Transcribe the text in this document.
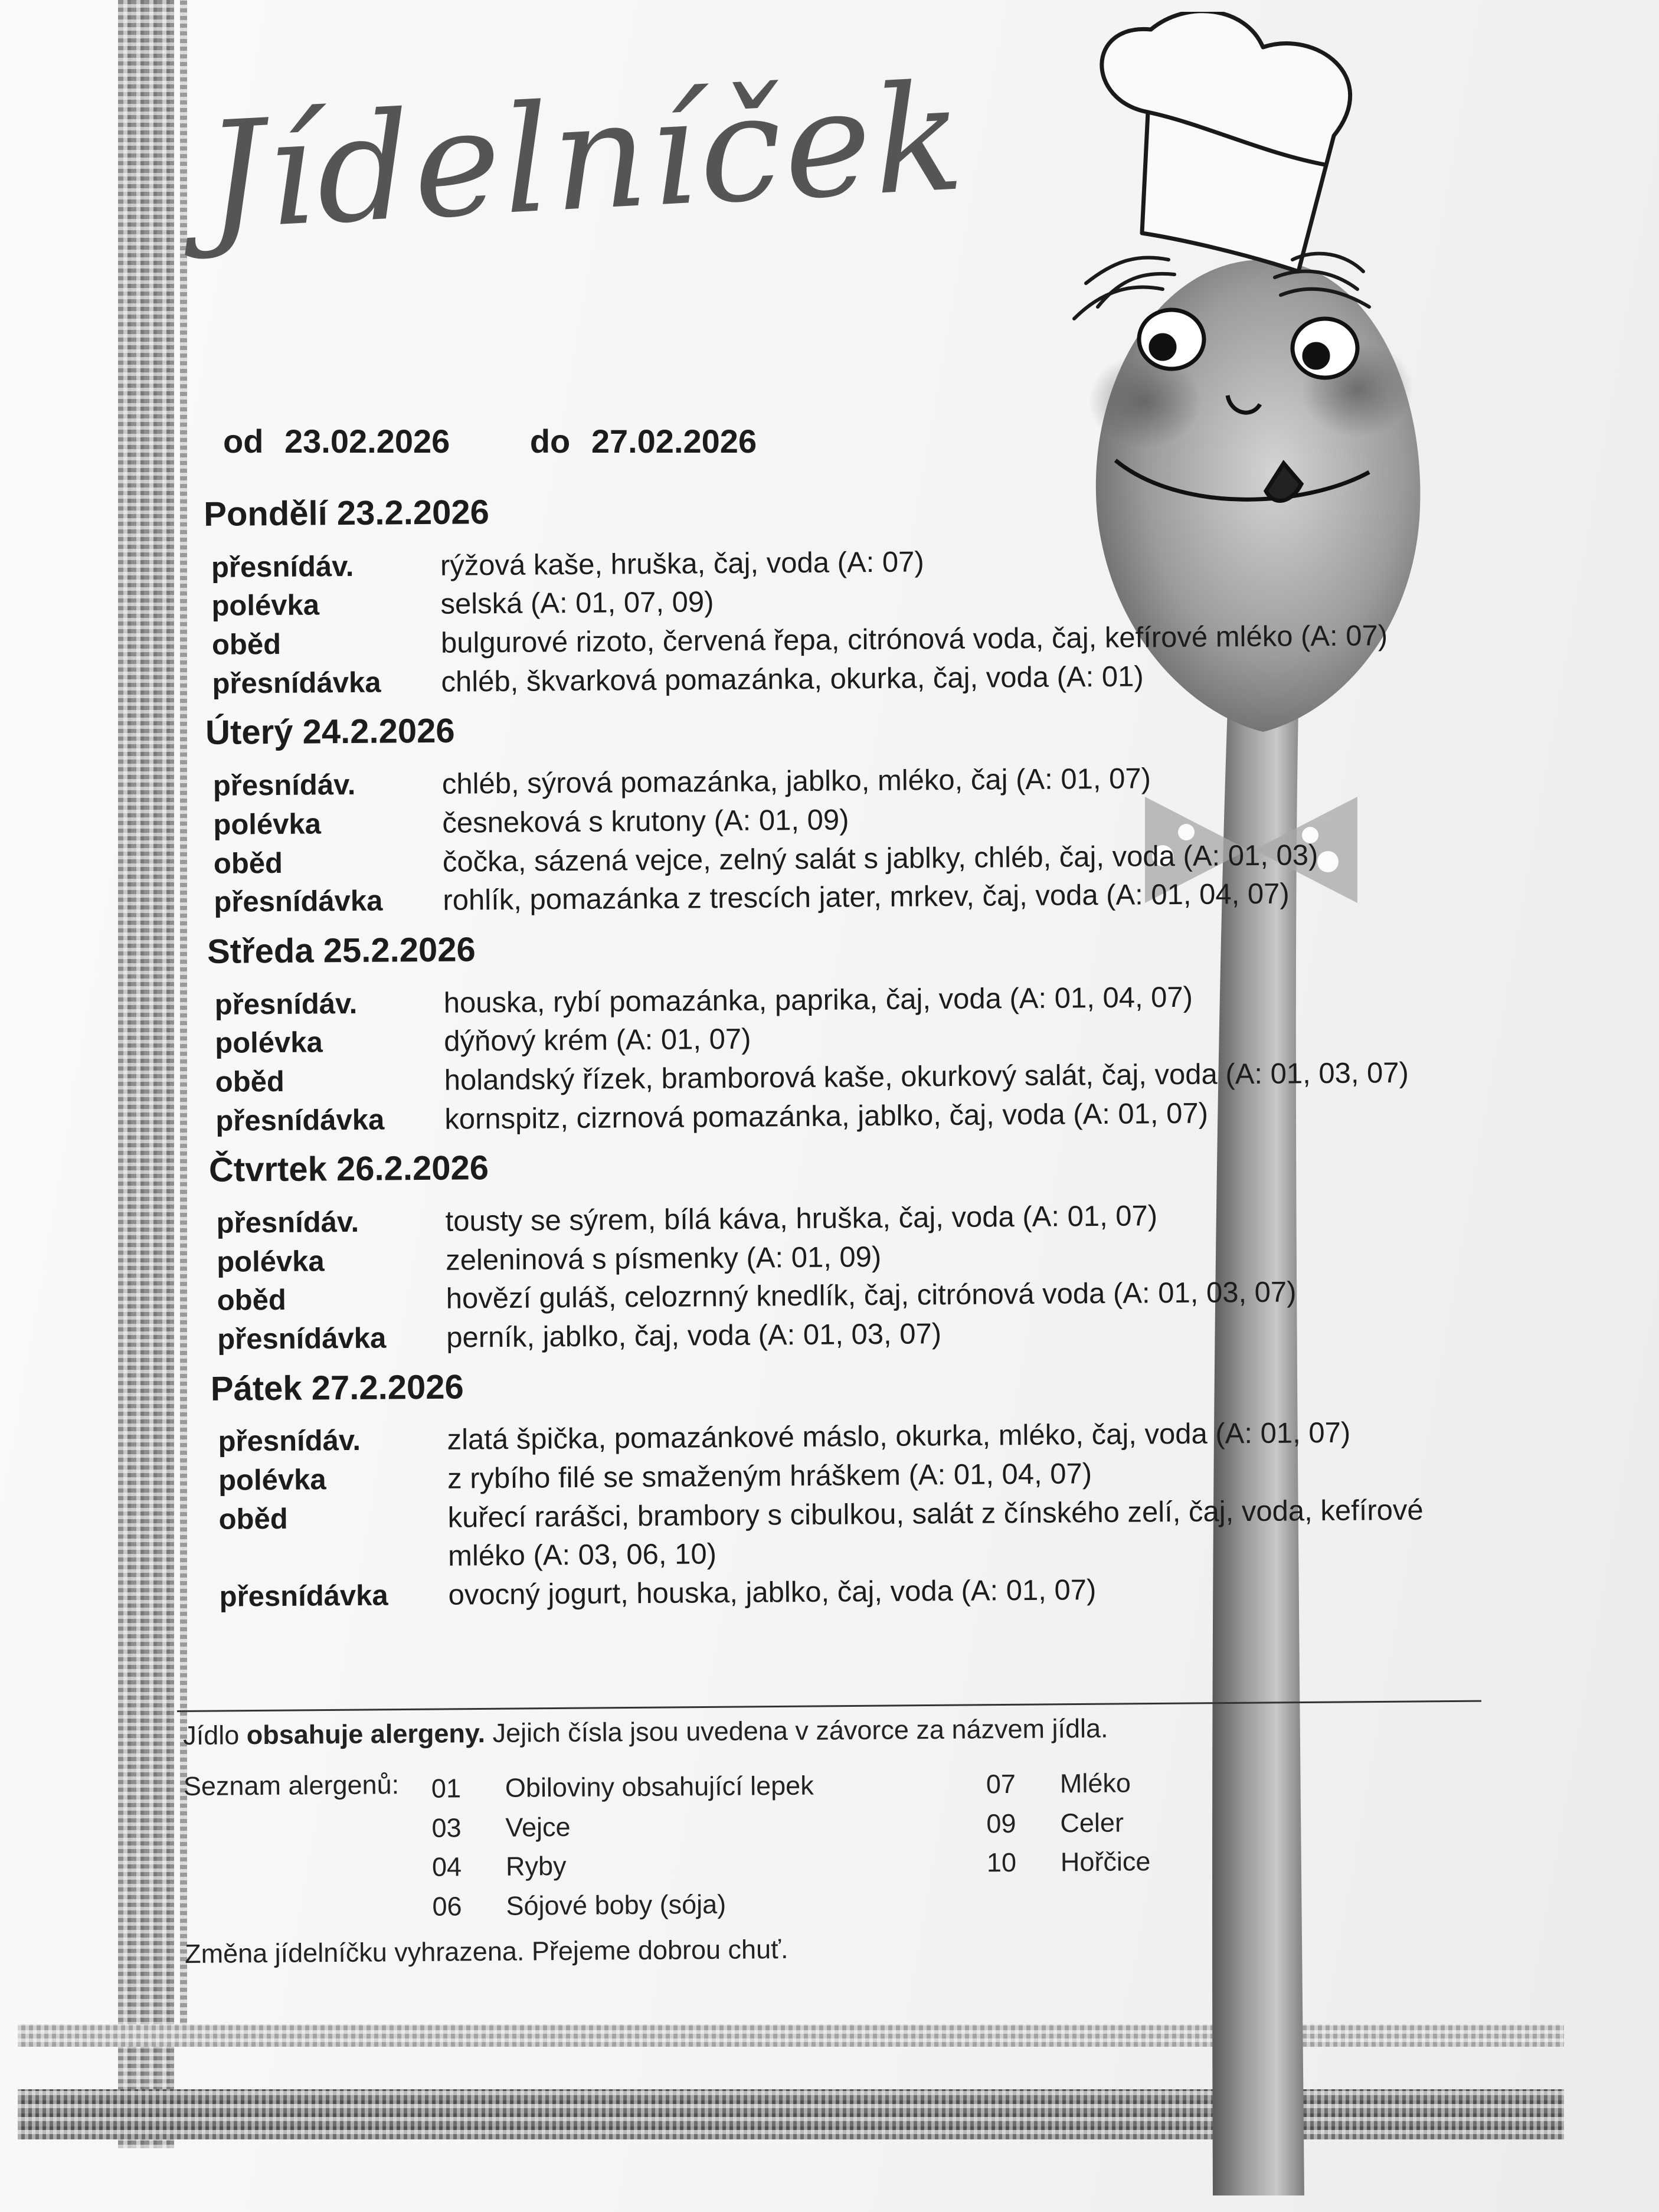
Jídelníček
od 23.02.2026 do 27.02.2026
Pondělí 23.2.2026
přesnídáv.	rýžová kaše, hruška, čaj, voda (A: 07)
polévka	selská (A: 01, 07, 09)
oběd	bulgurové rizoto, červená řepa, citrónová voda, čaj, kefírové mléko (A: 07)
přesnídávka	chléb, škvarková pomazánka, okurka, čaj, voda (A: 01)
Úterý 24.2.2026
přesnídáv.	chléb, sýrová pomazánka, jablko, mléko, čaj (A: 01, 07)
polévka	česneková s krutony (A: 01, 09)
oběd	čočka, sázená vejce, zelný salát s jablky, chléb, čaj, voda (A: 01, 03)
přesnídávka	rohlík, pomazánka z trescích jater, mrkev, čaj, voda (A: 01, 04, 07)
Středa 25.2.2026
přesnídáv.	houska, rybí pomazánka, paprika, čaj, voda (A: 01, 04, 07)
polévka	dýňový krém (A: 01, 07)
oběd	holandský řízek, bramborová kaše, okurkový salát, čaj, voda (A: 01, 03, 07)
přesnídávka	kornspitz, cizrnová pomazánka, jablko, čaj, voda (A: 01, 07)
Čtvrtek 26.2.2026
přesnídáv.	tousty se sýrem, bílá káva, hruška, čaj, voda (A: 01, 07)
polévka	zeleninová s písmenky (A: 01, 09)
oběd	hovězí guláš, celozrnný knedlík, čaj, citrónová voda (A: 01, 03, 07)
přesnídávka	perník, jablko, čaj, voda (A: 01, 03, 07)
Pátek 27.2.2026
přesnídáv.	zlatá špička, pomazánkové máslo, okurka, mléko, čaj, voda (A: 01, 07)
polévka	z rybího filé se smaženým hráškem (A: 01, 04, 07)
oběd	kuřecí rarášci, brambory s cibulkou, salát z čínského zelí, čaj, voda, kefírové mléko (A: 03, 06, 10)
přesnídávka	ovocný jogurt, houska, jablko, čaj, voda (A: 01, 07)
Jídlo obsahuje alergeny. Jejich čísla jsou uvedena v závorce za názvem jídla.
Seznam alergenů:	01	Obiloviny obsahující lepek
03	Vejce
04	Ryby
06	Sójové boby (sója)
07	Mléko
09	Celer
10	Hořčice
Změna jídelníčku vyhrazena. Přejeme dobrou chuť.
